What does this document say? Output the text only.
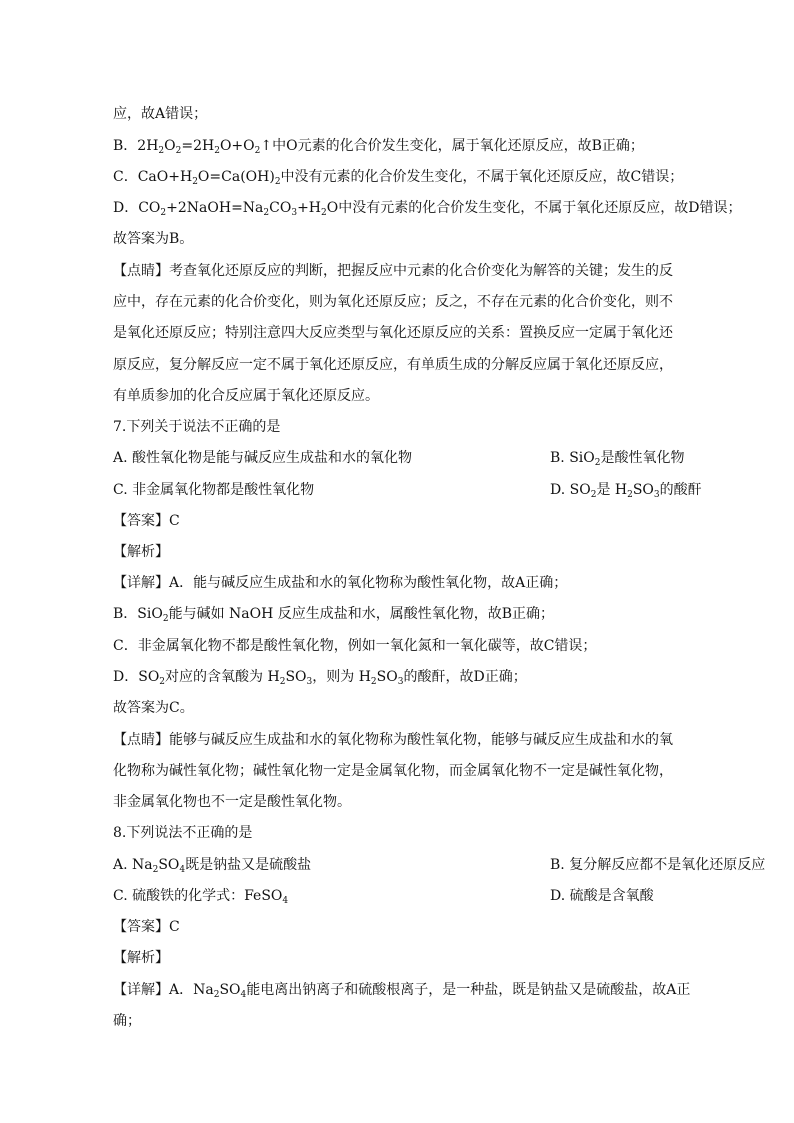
应，故A错误；
B．$2H_2O_2=2H_2O+O_2↑$中O元素的化合价发生变化，属于氧化还原反应，故B正确；
C．$CaO+H_2O=Ca(OH)_2$中没有元素的化合价发生变化，不属于氧化还原反应，故C错误；
D．$CO_2+2NaOH=Na_2CO_3+H_2O$中没有元素的化合价发生变化，不属于氧化还原反应，故D错误；
故答案为B。
【点睛】考查氧化还原反应的判断，把握反应中元素的化合价变化为解答的关键；发生的反
应中，存在元素的化合价变化，则为氧化还原反应；反之，不存在元素的化合价变化，则不
是氧化还原反应；特别注意四大反应类型与氧化还原反应的关系：置换反应一定属于氧化还
原反应，复分解反应一定不属于氧化还原反应，有单质生成的分解反应属于氧化还原反应，
有单质参加的化合反应属于氧化还原反应。
7.下列关于说法不正确的是
A. 酸性氧化物是能与碱反应生成盐和水的氧化物	B. SiO$_2$是酸性氧化物
C. 非金属氧化物都是酸性氧化物	D. $SO_2$是 $H_2SO_3$的酸酐
【答案】C
【解析】
【详解】A．能与碱反应生成盐和水的氧化物称为酸性氧化物，故A正确；
B．SiO$_2$能与碱如 NaOH 反应生成盐和水，属酸性氧化物，故B正确；
C．非金属氧化物不都是酸性氧化物，例如一氧化氮和一氧化碳等，故C错误；
D．$SO_2$对应的含氧酸为 $H_2SO_3$，则为 $H_2SO_3$的酸酐，故D正确；
故答案为C。
【点睛】能够与碱反应生成盐和水的氧化物称为酸性氧化物，能够与碱反应生成盐和水的氧
化物称为碱性氧化物；碱性氧化物一定是金属氧化物，而金属氧化物不一定是碱性氧化物，
非金属氧化物也不一定是酸性氧化物。
8.下列说法不正确的是
A. $Na_2SO_4$既是钠盐又是硫酸盐	B. 复分解反应都不是氧化还原反应
C. 硫酸铁的化学式：FeSO$_4$	D. 硫酸是含氧酸
【答案】C
【解析】
【详解】A．$Na_2SO_4$能电离出钠离子和硫酸根离子，是一种盐，既是钠盐又是硫酸盐，故A正
确；
